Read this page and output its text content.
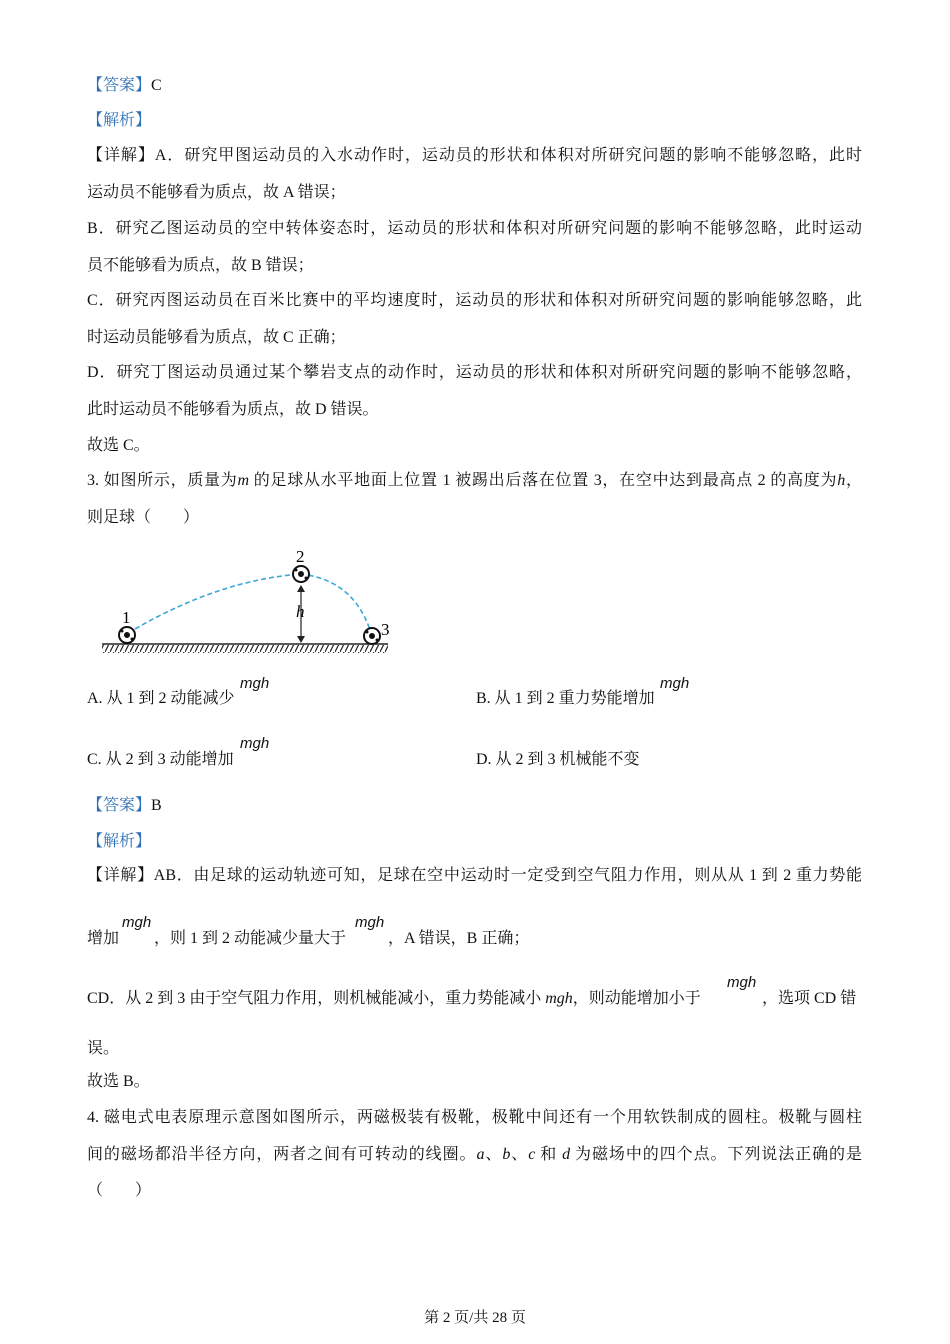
【答案】C
【解析】
【详解】A．研究甲图运动员的入水动作时，运动员的形状和体积对所研究问题的影响不能够忽略，此时
运动员不能够看为质点，故 A 错误；
B．研究乙图运动员的空中转体姿态时，运动员的形状和体积对所研究问题的影响不能够忽略，此时运动
员不能够看为质点，故 B 错误；
C．研究丙图运动员在百米比赛中的平均速度时，运动员的形状和体积对所研究问题的影响能够忽略，此
时运动员能够看为质点，故 C 正确；
D．研究丁图运动员通过某个攀岩支点的动作时，运动员的形状和体积对所研究问题的影响不能够忽略，
此时运动员不能够看为质点，故 D 错误。
故选 C。
3. 如图所示，质量为m 的足球从水平地面上位置 1 被踢出后落在位置 3，在空中达到最高点 2 的高度为h，
则足球（　　）
1
2
3
h
A. 从 1 到 2 动能减少
mgh
B. 从 1 到 2 重力势能增加
mgh
C. 从 2 到 3 动能增加
mgh
D. 从 2 到 3 机械能不变
【答案】B
【解析】
【详解】AB．由足球的运动轨迹可知，足球在空中运动时一定受到空气阻力作用，则从从 1 到 2 重力势能
增加
mgh
，则 1 到 2 动能减少量大于
mgh
，A 错误，B 正确；
CD．从 2 到 3 由于空气阻力作用，则机械能减小，重力势能减小 mgh，则动能增加小于
mgh
，选项 CD 错
误。
故选 B。
4. 磁电式电表原理示意图如图所示，两磁极装有极靴，极靴中间还有一个用软铁制成的圆柱。极靴与圆柱
间的磁场都沿半径方向，两者之间有可转动的线圈。a、b、c 和 d 为磁场中的四个点。下列说法正确的是
（　　）
第 2 页/共 28 页
